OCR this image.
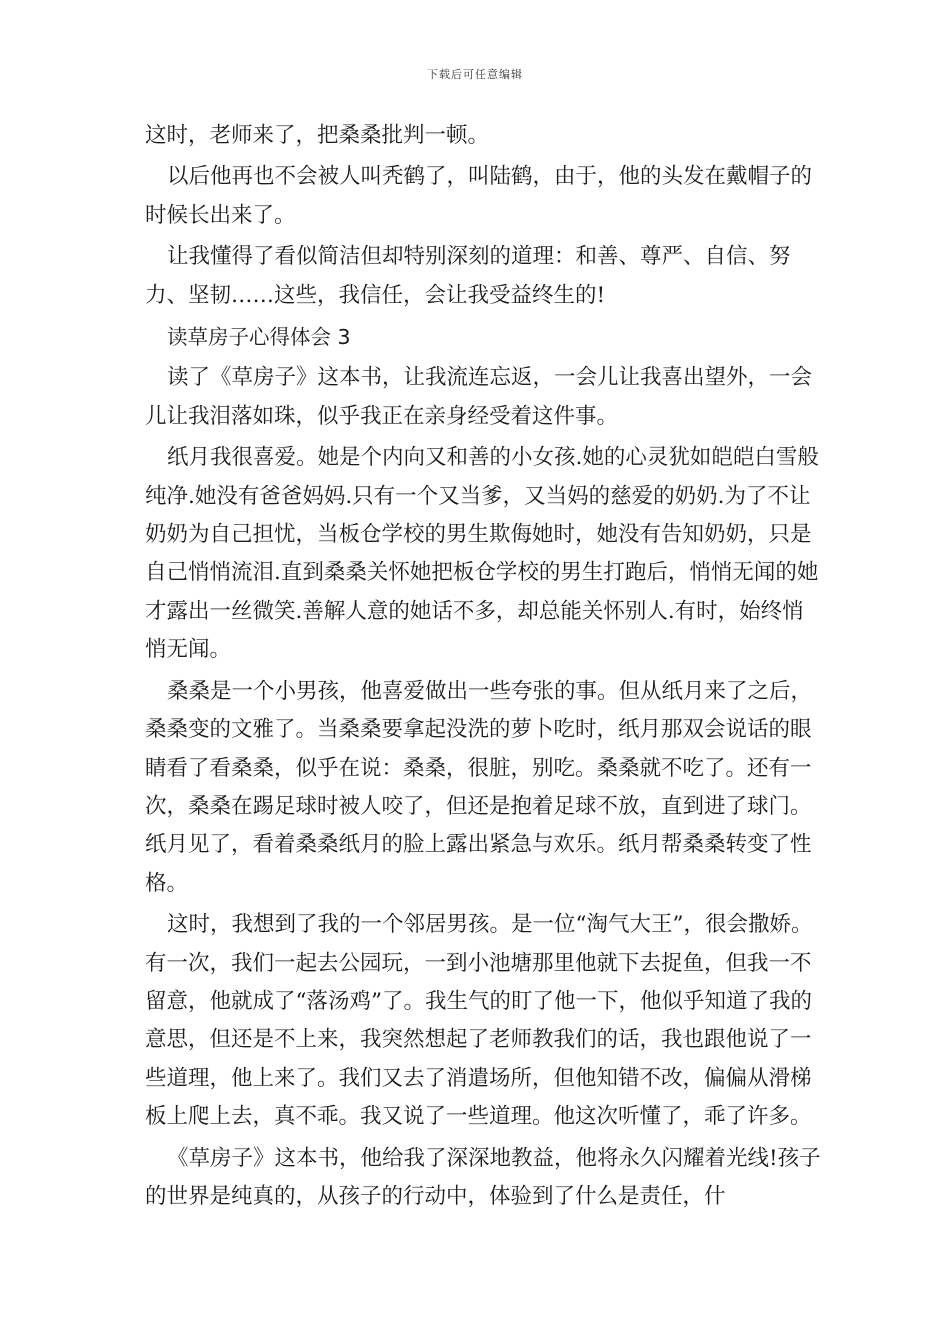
下载后可任意编辑

这时，老师来了，把桑桑批判一顿。

以后他再也不会被人叫秃鹤了，叫陆鹤，由于，他的头发在戴帽子的时候长出来了。

让我懂得了看似简洁但却特别深刻的道理：和善、尊严、自信、努力、坚韧……这些，我信任，会让我受益终生的!

读草房子心得体会 3

读了《草房子》这本书，让我流连忘返，一会儿让我喜出望外，一会儿让我泪落如珠，似乎我正在亲身经受着这件事。

纸月我很喜爱。她是个内向又和善的小女孩.她的心灵犹如皑皑白雪般纯净.她没有爸爸妈妈.只有一个又当爹，又当妈的慈爱的奶奶.为了不让奶奶为自己担忧，当板仓学校的男生欺侮她时，她没有告知奶奶，只是自己悄悄流泪.直到桑桑关怀她把板仓学校的男生打跑后，悄悄无闻的她才露出一丝微笑.善解人意的她话不多，却总能关怀别人.有时，始终悄悄无闻。

桑桑是一个小男孩，他喜爱做出一些夸张的事。但从纸月来了之后，桑桑变的文雅了。当桑桑要拿起没洗的萝卜吃时，纸月那双会说话的眼睛看了看桑桑，似乎在说：桑桑，很脏，别吃。桑桑就不吃了。还有一次，桑桑在踢足球时被人咬了，但还是抱着足球不放，直到进了球门。纸月见了，看着桑桑纸月的脸上露出紧急与欢乐。纸月帮桑桑转变了性格。

这时，我想到了我的一个邻居男孩。是一位“淘气大王”，很会撒娇。有一次，我们一起去公园玩，一到小池塘那里他就下去捉鱼，但我一不留意，他就成了“落汤鸡”了。我生气的盯了他一下，他似乎知道了我的意思，但还是不上来，我突然想起了老师教我们的话，我也跟他说了一些道理，他上来了。我们又去了消遣场所，但他知错不改，偏偏从滑梯板上爬上去，真不乖。我又说了一些道理。他这次听懂了，乖了许多。

《草房子》这本书，他给我了深深地教益，他将永久闪耀着光线!孩子的世界是纯真的，从孩子的行动中，体验到了什么是责任，什
